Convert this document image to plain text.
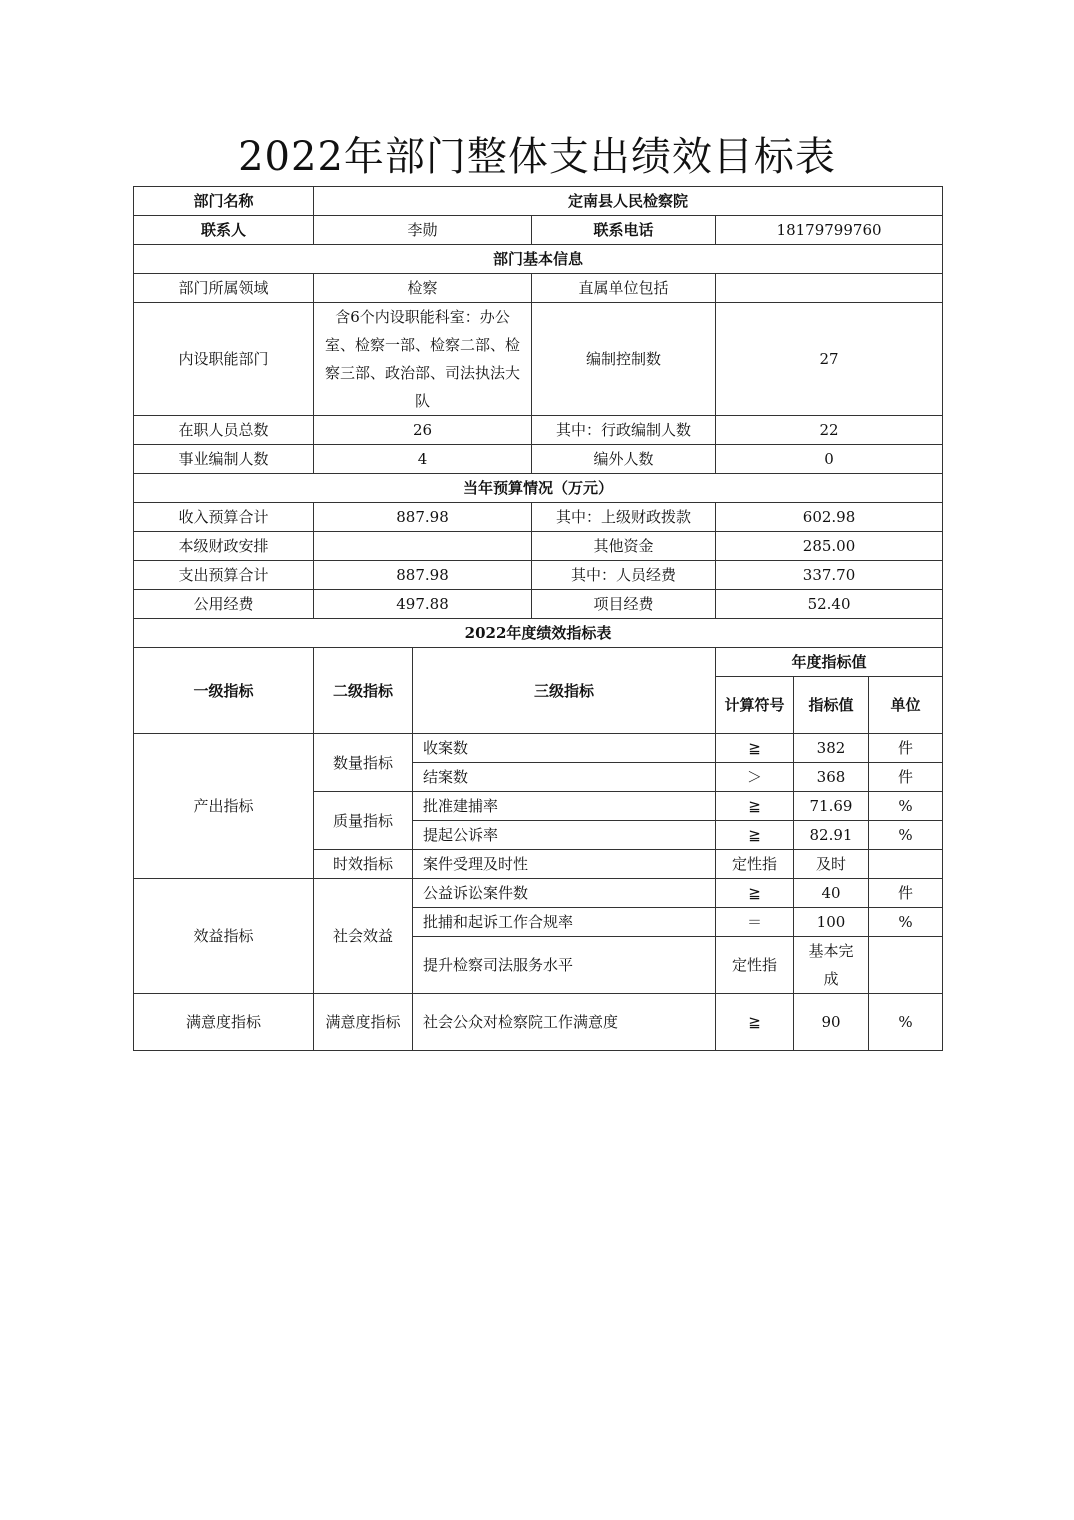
2022年部门整体支出绩效目标表
部门名称	定南县人民检察院					
联系人	李勋		联系电话	18179799760		
部门基本信息						
部门所属领域	检察		直属单位包括			
内设职能部门	含6个内设职能科室：办公室、检察一部、检察二部、检察三部、政治部、司法执法大队		编制控制数	27		
在职人员总数	26		其中：行政编制人数	22		
事业编制人数	4		编外人数	0		
当年预算情况（万元）						
收入预算合计	887.98		其中：上级财政拨款	602.98		
本级财政安排			其他资金	285.00		
支出预算合计	887.98		其中：人员经费	337.70		
公用经费	497.88		项目经费	52.40		
2022年度绩效指标表						
一级指标	二级指标	三级指标		年度指标值		
				计算符号	指标值	单位
产出指标	数量指标	收案数		≧	382	件
		结案数		＞	368	件
	质量指标	批准建捕率		≧	71.69	%
		提起公诉率		≧	82.91	%
	时效指标	案件受理及时性		定性指	及时	
效益指标	社会效益	公益诉讼案件数		≧	40	件
		批捕和起诉工作合规率		＝	100	%
		提升检察司法服务水平		定性指	基本完成	
满意度指标	满意度指标	社会公众对检察院工作满意度		≧	90	%
